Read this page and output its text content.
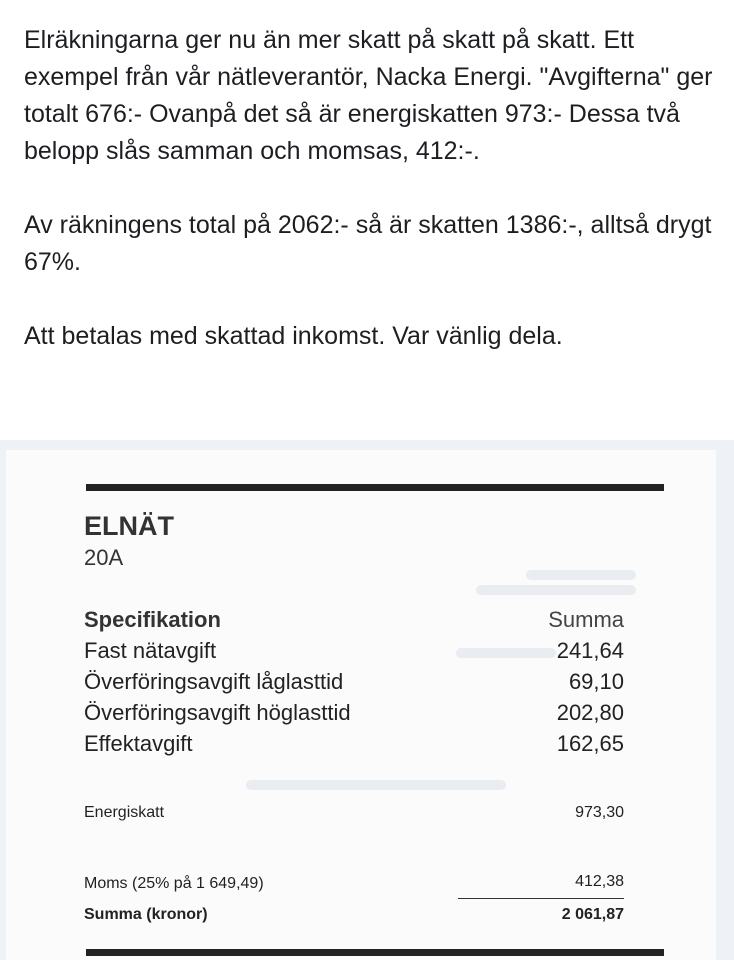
Elräkningarna ger nu än mer skatt på skatt på skatt. Ett exempel från vår nätleverantör, Nacka Energi. "Avgifterna" ger totalt 676:- Ovanpå det så är energiskatten 973:- Dessa två belopp slås samman och momsas, 412:-.

Av räkningens total på 2062:- så är skatten 1386:-, alltså drygt 67%.

Att betalas med skattad inkomst. Var vänlig dela.

ELNÄT
20A
Specifikation	Summa
Fast nätavgift	241,64
Överföringsavgift låglasttid	69,10
Överföringsavgift höglasttid	202,80
Effektavgift	162,65
Energiskatt	973,30
Moms (25% på 1 649,49)	412,38
Summa (kronor)	2 061,87
